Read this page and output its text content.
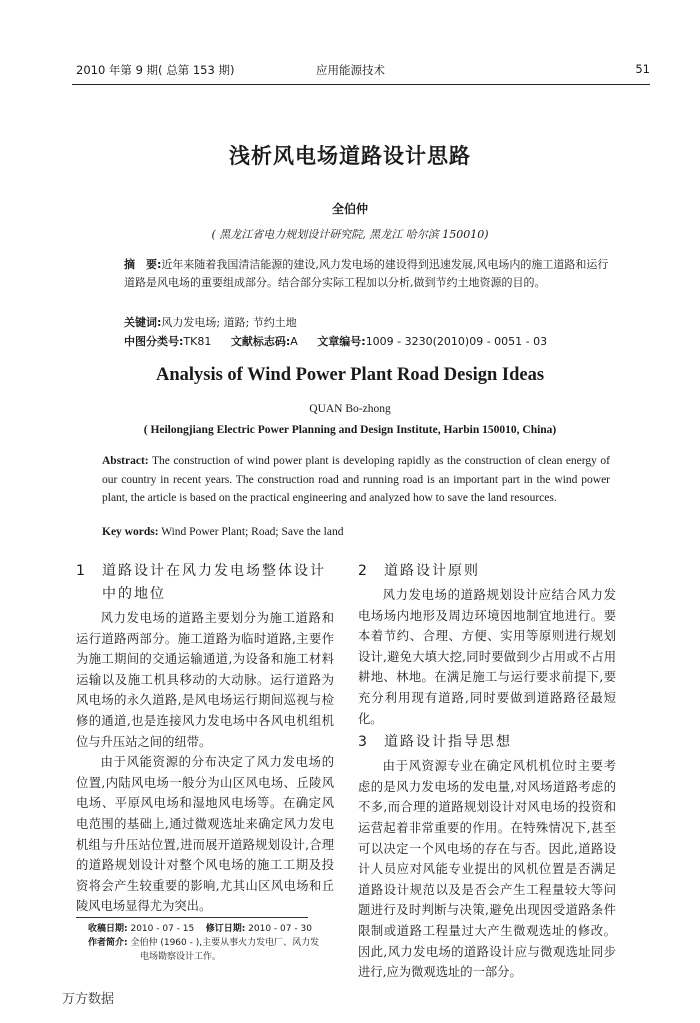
2010 年第 9 期( 总第 153 期)	应用能源技术	51
浅析风电场道路设计思路
全伯仲
( 黑龙江省电力规划设计研究院, 黑龙江 哈尔滨 150010)
摘　要:近年来随着我国清洁能源的建设,风力发电场的建设得到迅速发展,风电场内的施工道路和运行道路是风电场的重要组成部分。结合部分实际工程加以分析,做到节约土地资源的目的。
关键词:风力发电场; 道路; 节约土地
中图分类号:TK81 文献标志码:A 文章编号:1009 - 3230(2010)09 - 0051 - 03
Analysis of Wind Power Plant Road Design Ideas
QUAN Bo-zhong
( Heilongjiang Electric Power Planning and Design Institute, Harbin 150010, China)
Abstract: The construction of wind power plant is developing rapidly as the construction of clean energy of our country in recent years. The construction road and running road is an important part in the wind power plant, the article is based on the practical engineering and analyzed how to save the land resources.
Key words: Wind Power Plant; Road; Save the land
1 道路设计在风力发电场整体设计
中的地位

风力发电场的道路主要划分为施工道路和运行道路两部分。施工道路为临时道路,主要作为施工期间的交通运输通道,为设备和施工材料运输以及施工机具移动的大动脉。运行道路为风电场的永久道路,是风电场运行期间巡视与检修的通道,也是连接风力发电场中各风电机组机位与升压站之间的纽带。

由于风能资源的分布决定了风力发电场的位置,内陆风电场一般分为山区风电场、丘陵风电场、平原风电场和湿地风电场等。在确定风电范围的基础上,通过微观选址来确定风力发电机组与升压站位置,进而展开道路规划设计,合理的道路规划设计对整个风电场的施工工期及投资将会产生较重要的影响,尤其山区风电场和丘陵风电场显得尤为突出。

2 道路设计原则

风力发电场的道路规划设计应结合风力发电场场内地形及周边环境因地制宜地进行。要本着节约、合理、方便、实用等原则进行规划设计,避免大填大挖,同时要做到少占用或不占用耕地、林地。在满足施工与运行要求前提下,要充分利用现有道路,同时要做到道路路径最短化。

3 道路设计指导思想

由于风资源专业在确定风机机位时主要考虑的是风力发电场的发电量,对风场道路考虑的不多,而合理的道路规划设计对风电场的投资和运营起着非常重要的作用。在特殊情况下,甚至可以决定一个风电场的存在与否。因此,道路设计人员应对风能专业提出的风机位置是否满足道路设计规范以及是否会产生工程量较大等问题进行及时判断与决策,避免出现因受道路条件限制或道路工程量过大产生微观选址的修改。因此,风力发电场的道路设计应与微观选址同步进行,应为微观选址的一部分。

收稿日期: 2010 - 07 - 15 修订日期: 2010 - 07 - 30
作者简介: 全伯仲 (1960 - ),主要从事火力发电厂、风力发
电场勘察设计工作。
万方数据
